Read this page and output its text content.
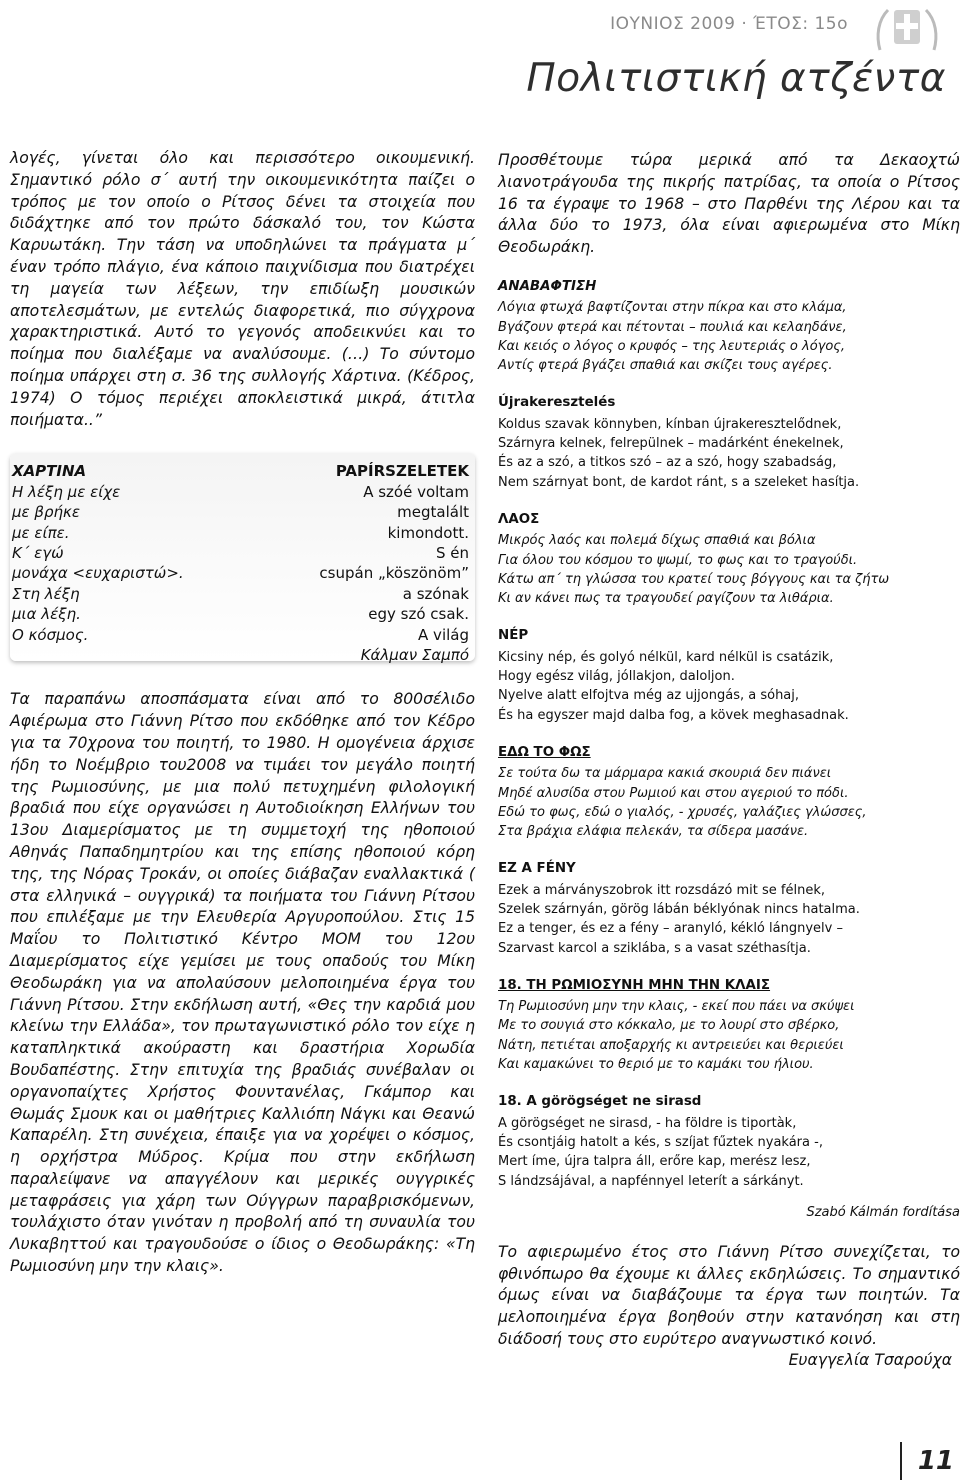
ΙΟΥΝΙΟΣ 2009 · ΈΤΟΣ: 15ο
Πολιτιστική ατζέντα

λογές, γίνεται όλο και περισσότερο οικουμενική. Σημαντικό ρόλο σ΄ αυτή την οικουμενικότητα παίζει ο τρόπος με τον οποίο ο Ρίτσος δένει τα στοιχεία που διδάχτηκε από τον πρώτο δάσκαλό του, τον Κώστα Καρυωτάκη. Την τάση να υποδηλώνει τα πράγματα μ΄ έναν τρόπο πλάγιο, ένα κάποιο παιχνίδισμα που διατρέχει τη μαγεία των λέξεων, την επιδίωξη μουσικών αποτελεσμάτων, με εντελώς διαφορετικά, πιο σύγχρονα χαρακτηριστικά. Αυτό το γεγονός αποδεικνύει και το ποίημα που διαλέξαμε να αναλύσουμε. (…) Το σύντομο ποίημα υπάρχει στη σ. 36 της συλλογής Χάρτινα. (Κέδρος, 1974) Ο τόμος περιέχει αποκλειστικά μικρά, άτιτλα ποιήματα..”

ΧΑΡΤΙΝΑ
Η λέξη με είχε
με βρήκε
με είπε.
Κ΄ εγώ
μονάχα <ευχαριστώ>.
Στη λέξη
μια λέξη.
Ο κόσμος.
PAPÍRSZELETEK
A szóé voltam
megtalált
kimondott.
S én
csupán „köszönöm”
a szónak
egy szó csak.
A világ
Κάλμαν Σαμπό

Τα παραπάνω αποσπάσματα είναι από το 800σέλιδο Αφιέρωμα στο Γιάννη Ρίτσο που εκδόθηκε από τον Κέδρο για τα 70χρονα του ποιητή, το 1980. Η ομογένεια άρχισε ήδη το Νοέμβριο του2008 να τιμάει τον μεγάλο ποιητή της Ρωμιοσύνης, με μια πολύ πετυχημένη φιλολογική βραδιά που είχε οργανώσει η Αυτοδιοίκηση Ελλήνων του 13ου Διαμερίσματος με τη συμμετοχή της ηθοποιού Αθηνάς Παπαδημητρίου και της επίσης ηθοποιού κόρη της, της Νόρας Τροκάν, οι οποίες διάβαζαν εναλλακτικά ( στα ελληνικά – ουγγρικά) τα ποιήματα του Γιάννη Ρίτσου που επιλέξαμε με την Ελευθερία Αργυροπούλου. Στις 15 Μαΐου το Πολιτιστικό Κέντρο ΜΟΜ του 12ου Διαμερίσματος είχε γεμίσει με τους οπαδούς του Μίκη Θεοδωράκη για να απολαύσουν μελοποιημένα έργα του Γιάννη Ρίτσου. Στην εκδήλωση αυτή, «Θες την καρδιά μου κλείνω την Ελλάδα», τον πρωταγωνιστικό ρόλο τον είχε η καταπληκτικά ακούραστη και δραστήρια Χορωδία Βουδαπέστης. Στην επιτυχία της βραδιάς συνέβαλαν οι οργανοπαίχτες Χρήστος Φουντανέλας, Γκάμπορ και Θωμάς Σμουκ και οι μαθήτριες Καλλιόπη Νάγκι και Θεανώ Καπαρέλη. Στη συνέχεια, έπαιξε για να χορέψει ο κόσμος, η ορχήστρα Μύδρος. Κρίμα που στην εκδήλωση παραλείψανε να απαγγέλουν και μερικές ουγγρικές μεταφράσεις για χάρη των Ούγγρων παραβρισκόμενων, τουλάχιστο όταν γινόταν η προβολή από τη συναυλία του Λυκαβηττού και τραγουδούσε ο ίδιος ο Θεοδωράκης: «Τη Ρωμιοσύνη μην την κλαις».

Προσθέτουμε τώρα μερικά από τα Δεκαοχτώ λιανοτράγουδα της πικρής πατρίδας, τα οποία ο Ρίτσος 16 τα έγραψε το 1968 – στο Παρθένι της Λέρου και τα άλλα δύο το 1973, όλα είναι αφιερωμένα στο Μίκη Θεοδωράκη.

ΑΝΑΒΑΦΤΙΣΗ
Λόγια φτωχά βαφτίζονται στην πίκρα και στο κλάμα,
Βγάζουν φτερά και πέτονται – πουλιά και κελαηδάνε,
Και κειός ο λόγος ο κρυφός – της λευτεριάς ο λόγος,
Αντίς φτερά βγάζει σπαθιά και σκίζει τους αγέρες.
Újrakeresztelés
Koldus szavak könnyben, kínban újrakeresztelődnek,
Szárnyra kelnek, felrepülnek – madárként énekelnek,
És az a szó, a titkos szó – az a szó, hogy szabadság,
Nem szárnyat bont, de kardot ránt, s a szeleket hasítja.
ΛΑΟΣ
Μικρός λαός και πολεμά δίχως σπαθιά και βόλια
Για όλου του κόσμου το ψωμί, το φως και το τραγούδι.
Κάτω απ΄ τη γλώσσα του κρατεί τους βόγγους και τα ζήτω
Κι αν κάνει πως τα τραγουδεί ραγίζουν τα λιθάρια.
NÉP
Kicsiny nép, és golyó nélkül, kard nélkül is csatázik,
Hogy egész világ, jóllakjon, daloljon.
Nyelve alatt elfojtva még az ujjongás, a sóhaj,
És ha egyszer majd dalba fog, a kövek meghasadnak.
ΕΔΩ ΤΟ ΦΩΣ
Σε τούτα δω τα μάρμαρα κακιά σκουριά δεν πιάνει
Μηδέ αλυσίδα στου Ρωμιού και στου αγεριού το πόδι.
Εδώ το φως, εδώ ο γιαλός, - χρυσές, γαλάζιες γλώσσες,
Στα βράχια ελάφια πελεκάν, τα σίδερα μασάνε.
EZ A FÉNY
Ezek a márványszobrok itt rozsdázó mit se félnek,
Szelek szárnyán, görög lábán béklyónak nincs hatalma.
Ez a tenger, és ez a fény – aranyló, kékló lángnyelv –
Szarvast karcol a sziklába, s a vasat széthasítja.
18. ΤΗ ΡΩΜΙΟΣΥΝΗ ΜΗΝ ΤΗΝ ΚΛΑΙΣ
Τη Ρωμιοσύνη μην την κλαις, - εκεί που πάει να σκύψει
Με το σουγιά στο κόκκαλο, με το λουρί στο σβέρκο,
Νάτη, πετιέται αποξαρχής κι αντρειεύει και θεριεύει
Και καμακώνει το θεριό με το καμάκι του ήλιου.
18. A görögséget ne sirasd
A görögséget ne sirasd, - ha földre is tiportàk,
És csontjáig hatolt a kés, s szíjat fűztek nyakára -,
Mert íme, újra talpra áll, erőre kap, merész lesz,
S lándzsájával, a napfénnyel leterít a sárkányt.
Szabó Kálmán fordítása

Το αφιερωμένο έτος στο Γιάννη Ρίτσο συνεχίζεται, το φθινόπωρο θα έχουμε κι άλλες εκδηλώσεις. Το σημαντικό όμως είναι να διαβάζουμε τα έργα των ποιητών. Τα μελοποιημένα έργα βοηθούν στην κατανόηση και στη διάδοσή τους στο ευρύτερο αναγνωστικό κοινό.

Ευαγγελία Τσαρούχα
11
